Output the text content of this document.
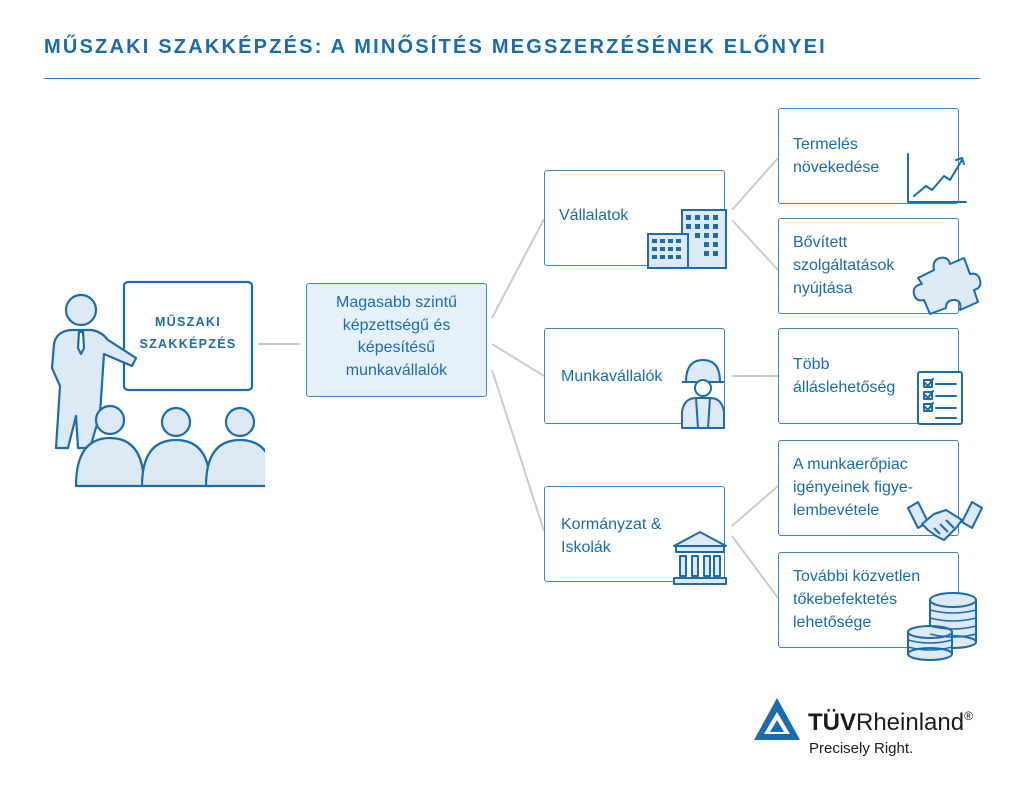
MŰSZAKI SZAKKÉPZÉS: A MINŐSÍTÉS MEGSZERZÉSÉNEK ELŐNYEI
MŰSZAKI
SZAKKÉPZÉS
Magasabb szintű
képzettségű és
képesítésű
munkavállalók
Vállalatok
Munkavállalók
Kormányzat &
Iskolák
Termelés
növekedése
Bővített
szolgáltatások
nyújtása
Több
álláslehetőség
A munkaerőpiac
igényeinek figye-
lembevétele
További közvetlen
tőkebefektetés
lehetősége
TÜVRheinland®
Precisely Right.
